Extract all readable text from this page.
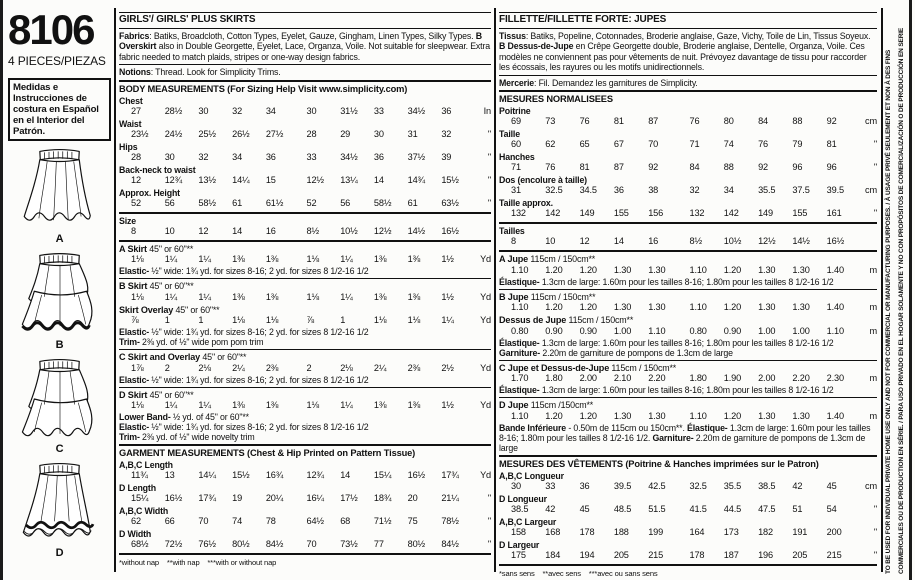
8106
4 PIECES/PIEZAS
Medidas e Instrucciones de costura en Español en el Interior del Patrón.
A
B
C
D
GIRLS'/ GIRLS' PLUS SKIRTS

Fabrics: Batiks, Broadcloth, Cotton Types, Eyelet, Gauze, Gingham, Linen Types, Silky Types. B Overskirt also in Double Georgette, Eyelet, Lace, Organza, Voile. Not suitable for sleepwear. Extra fabric needed to match plaids, stripes or one-way design fabrics.

Notions: Thread. Look for Simplicity Trims.

BODY MEASUREMENTS (For Sizing Help Visit www.simplicity.com)
Chest
27	28½	30	32	34	30	31½	33	34½	36	In
Waist
23½	24½	25½	26½	27½	28	29	30	31	32	"
Hips
28	30	32	34	36	33	34½	36	37½	39	"
Back-neck to waist
12	12¾	13½	14¼	15	12½	13¼	14	14¾	15½	"
Approx. Height
52	56	58½	61	61½	52	56	58½	61	63½	"
Size
8	10	12	14	16	8½	10½	12½	14½	16½
A Skirt 45" or 60"**
1⅛	1¼	1¼	1⅜	1⅜	1⅛	1¼	1⅜	1⅜	1½	Yd
Elastic- ½" wide: 1¾ yd. for sizes 8-16; 2 yd. for sizes 8 1/2-16 1/2
B Skirt 45" or 60"**
1⅛	1¼	1¼	1⅜	1⅜	1⅛	1¼	1⅜	1⅜	1½	Yd
Skirt Overlay 45" or 60"**
⅞	1	1	1⅛	1⅛	⅞	1	1⅛	1⅛	1¼	Yd
Elastic- ½" wide: 1¾ yd. for sizes 8-16; 2 yd. for sizes 8 1/2-16 1/2
Trim- 2⅜ yd. of ½" wide pom pom trim
C Skirt and Overlay 45" or 60"**
1⅞	2	2⅛	2¼	2⅜	2	2⅛	2¼	2⅜	2½	Yd
Elastic- ½" wide: 1¾ yd. for sizes 8-16; 2 yd. for sizes 8 1/2-16 1/2
D Skirt 45" or 60"**
1⅛	1¼	1¼	1⅜	1⅜	1⅛	1¼	1⅜	1⅜	1½	Yd
Lower Band- ½ yd. of 45" or 60"**
Elastic- ½" wide: 1¾ yd. for sizes 8-16; 2 yd. for sizes 8 1/2-16 1/2
Trim- 2⅜ yd. of ½" wide novelty trim
GARMENT MEASUREMENTS (Chest & Hip Printed on Pattern Tissue)
A,B,C Length
11¾	13	14¼	15½	16¾	12¾	14	15¼	16½	17¾	Yd
D Length
15¼	16½	17¾	19	20¼	16¼	17½	18¾	20	21¼	"
A,B,C Width
62	66	70	74	78	64½	68	71½	75	78½	"
D Width
68½	72½	76½	80½	84½	70	73½	77	80½	84½	"
*without nap    **with nap    ***with or without nap
FILLETTE/FILLETTE FORTE: JUPES

Tissus: Batiks, Popeline, Cotonnades, Broderie anglaise, Gaze, Vichy, Toile de Lin, Tissus Soyeux. B Dessus-de-Jupe en Crêpe Georgette double, Broderie anglaise, Dentelle, Organza, Voile. Ces modèles ne conviennent pas pour vêtements de nuit. Prévoyez davantage de tissu pour raccorder les écossais, les rayures ou les motifs unidirectionnels.

Mercerie: Fil. Demandez les garnitures de Simplicity.

MESURES NORMALISEES
Poitrine
69	73	76	81	87	76	80	84	88	92	cm
Taille
60	62	65	67	70	71	74	76	79	81	"
Hanches
71	76	81	87	92	84	88	92	96	96	"
Dos (encolure à taille)
31	32.5	34.5	36	38	32	34	35.5	37.5	39.5	cm
Taille approx.
132	142	149	155	156	132	142	149	155	161	"
Tailles
8	10	12	14	16	8½	10½	12½	14½	16½
A Jupe 115cm / 150cm**
1.10	1.20	1.20	1.30	1.30	1.10	1.20	1.30	1.30	1.40	m
Élastique- 1.3cm de large: 1.60m pour les tailles 8-16; 1.80m pour les tailles 8 1/2-16 1/2
B Jupe 115cm / 150cm**
1.10	1.20	1.20	1.30	1.30	1.10	1.20	1.30	1.30	1.40	m
Dessus de Jupe 115cm / 150cm**
0.80	0.90	0.90	1.00	1.10	0.80	0.90	1.00	1.00	1.10	m
Élastique- 1.3cm de large: 1.60m pour les tailles 8-16; 1.80m pour les tailles 8 1/2-16 1/2
Garniture- 2.20m de garniture de pompons de 1.3cm de large
C Jupe et Dessus-de-Jupe 115cm / 150cm**
1.70	1.80	2.00	2.10	2.20	1.80	1.90	2.00	2.20	2.30	m
Élastique- 1.3cm de large: 1.60m pour les tailles 8-16; 1.80m pour les tailles 8 1/2-16 1/2
D Jupe 115cm /150cm**
1.10	1.20	1.20	1.30	1.30	1.10	1.20	1.30	1.30	1.40	m
Bande Inférieure - 0.50m de 115cm ou 150cm**. Élastique- 1.3cm de large: 1.60m pour les tailles 8-16; 1.80m pour les tailles 8 1/2-16 1/2. Garniture- 2.20m de garniture de pompons de 1.3cm de large
MESURES DES VÊTEMENTS (Poitrine & Hanches imprimées sur le Patron)
A,B,C Longueur
30	33	36	39.5	42.5	32.5	35.5	38.5	42	45	cm
D Longueur
38.5	42	45	48.5	51.5	41.5	44.5	47.5	51	54	"
A,B,C Largeur
158	168	178	188	199	164	173	182	191	200	"
D Largeur
175	184	194	205	215	178	187	196	205	215	"
*sans sens    **avec sens    ***avec ou sans sens	TO BE USED FOR INDIVIDUAL PRIVATE HOME USE ONLY AND NOT FOR COMMERCIAL OR MANUFACTURING PURPOSES. / À USAGE PRIVÉ SEULEMENT ET NON À DES FINS COMMERCIALES OU DE PRODUCTION EN SÉRIE. / PARA USO PRIVADO EN EL HOGAR SOLAMENTE Y NO CON PROPÓSITOS DE COMERCIALIZACIÓN O DE PRODUCCIÓN EN SERIE
